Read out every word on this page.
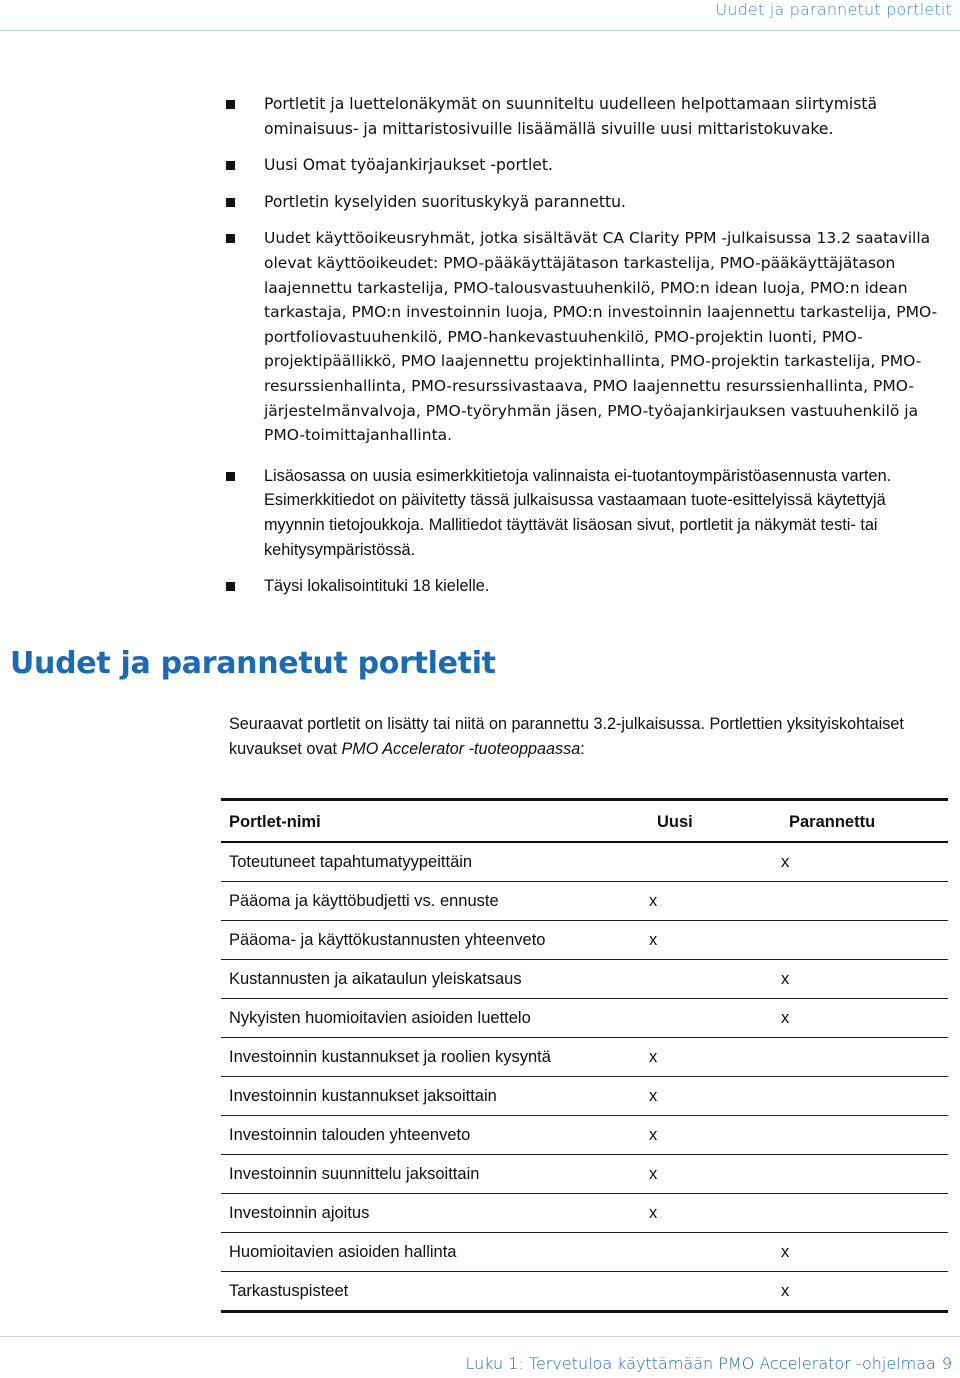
Uudet ja parannetut portletit
Portletit ja luettelonäkymät on suunniteltu uudelleen helpottamaan siirtymistä ominaisuus- ja mittaristosivuille lisäämällä sivuille uusi mittaristokuvake.
Uusi Omat työajankirjaukset -portlet.
Portletin kyselyiden suorituskykyä parannettu.
Uudet käyttöoikeusryhmät, jotka sisältävät CA Clarity PPM -julkaisussa 13.2 saatavilla olevat käyttöoikeudet: PMO-pääkäyttäjätason tarkastelija, PMO-pääkäyttäjätason laajennettu tarkastelija, PMO-talousvastuuhenkilö, PMO:n idean luoja, PMO:n idean tarkastaja, PMO:n investoinnin luoja, PMO:n investoinnin laajennettu tarkastelija, PMO-portfoliovastuuhenkilö, PMO-hankevastuuhenkilö, PMO-projektin luonti, PMO-projektipäällikkö, PMO laajennettu projektinhallinta, PMO-projektin tarkastelija, PMO-resurssienhallinta, PMO-resurssivastaava, PMO laajennettu resurssienhallinta, PMO-järjestelmänvalvoja, PMO-työryhmän jäsen, PMO-työajankirjauksen vastuuhenkilö ja PMO-toimittajanhallinta.
Lisäosassa on uusia esimerkkitietoja valinnaista ei-tuotantoympäristöasennusta varten. Esimerkkitiedot on päivitetty tässä julkaisussa vastaamaan tuote-esittelyissä käytettyjä myynnin tietojoukkoja. Mallitiedot täyttävät lisäosan sivut, portletit ja näkymät testi- tai kehitysympäristössä.
Täysi lokalisointituki 18 kielelle.
Uudet ja parannetut portletit

Seuraavat portletit on lisätty tai niitä on parannettu 3.2-julkaisussa. Portlettien yksityiskohtaiset kuvaukset ovat PMO Accelerator -tuoteoppaassa:

Portlet-nimi	Uusi	Parannettu
Toteutuneet tapahtumatyypeittäin		x
Pääoma ja käyttöbudjetti vs. ennuste	x	
Pääoma- ja käyttökustannusten yhteenveto	x	
Kustannusten ja aikataulun yleiskatsaus		x
Nykyisten huomioitavien asioiden luettelo		x
Investoinnin kustannukset ja roolien kysyntä	x	
Investoinnin kustannukset jaksoittain	x	
Investoinnin talouden yhteenveto	x	
Investoinnin suunnittelu jaksoittain	x	
Investoinnin ajoitus	x	
Huomioitavien asioiden hallinta		x
Tarkastuspisteet		x
Luku 1: Tervetuloa käyttämään PMO Accelerator -ohjelmaa 9
